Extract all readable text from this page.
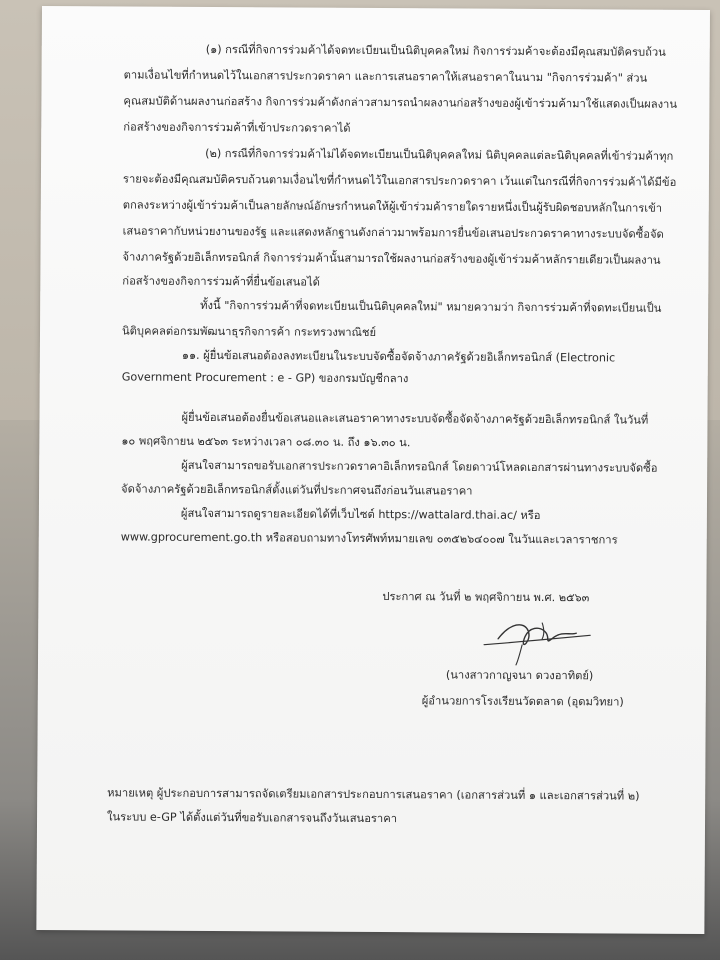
(๑) กรณีที่กิจการร่วมค้าได้จดทะเบียนเป็นนิติบุคคลใหม่ กิจการร่วมค้าจะต้องมีคุณสมบัติครบถ้วน
ตามเงื่อนไขที่กำหนดไว้ในเอกสารประกวดราคา และการเสนอราคาให้เสนอราคาในนาม "กิจการร่วมค้า" ส่วน
คุณสมบัติด้านผลงานก่อสร้าง กิจการร่วมค้าดังกล่าวสามารถนำผลงานก่อสร้างของผู้เข้าร่วมค้ามาใช้แสดงเป็นผลงาน
ก่อสร้างของกิจการร่วมค้าที่เข้าประกวดราคาได้
(๒) กรณีที่กิจการร่วมค้าไม่ได้จดทะเบียนเป็นนิติบุคคลใหม่ นิติบุคคลแต่ละนิติบุคคลที่เข้าร่วมค้าทุก
รายจะต้องมีคุณสมบัติครบถ้วนตามเงื่อนไขที่กำหนดไว้ในเอกสารประกวดราคา เว้นแต่ในกรณีที่กิจการร่วมค้าได้มีข้อ
ตกลงระหว่างผู้เข้าร่วมค้าเป็นลายลักษณ์อักษรกำหนดให้ผู้เข้าร่วมค้ารายใดรายหนึ่งเป็นผู้รับผิดชอบหลักในการเข้า
เสนอราคากับหน่วยงานของรัฐ และแสดงหลักฐานดังกล่าวมาพร้อมการยื่นข้อเสนอประกวดราคาทางระบบจัดซื้อจัด
จ้างภาครัฐด้วยอิเล็กทรอนิกส์ กิจการร่วมค้านั้นสามารถใช้ผลงานก่อสร้างของผู้เข้าร่วมค้าหลักรายเดียวเป็นผลงาน
ก่อสร้างของกิจการร่วมค้าที่ยื่นข้อเสนอได้
ทั้งนี้ "กิจการร่วมค้าที่จดทะเบียนเป็นนิติบุคคลใหม่" หมายความว่า กิจการร่วมค้าที่จดทะเบียนเป็น
นิติบุคคลต่อกรมพัฒนาธุรกิจการค้า กระทรวงพาณิชย์
๑๑. ผู้ยื่นข้อเสนอต้องลงทะเบียนในระบบจัดซื้อจัดจ้างภาครัฐด้วยอิเล็กทรอนิกส์ (Electronic
Government Procurement : e - GP) ของกรมบัญชีกลาง
ผู้ยื่นข้อเสนอต้องยื่นข้อเสนอและเสนอราคาทางระบบจัดซื้อจัดจ้างภาครัฐด้วยอิเล็กทรอนิกส์ ในวันที่
๑๐ พฤศจิกายน ๒๕๖๓ ระหว่างเวลา ๐๘.๓๐ น. ถึง ๑๖.๓๐ น.
ผู้สนใจสามารถขอรับเอกสารประกวดราคาอิเล็กทรอนิกส์ โดยดาวน์โหลดเอกสารผ่านทางระบบจัดซื้อ
จัดจ้างภาครัฐด้วยอิเล็กทรอนิกส์ตั้งแต่วันที่ประกาศจนถึงก่อนวันเสนอราคา
ผู้สนใจสามารถดูรายละเอียดได้ที่เว็บไซต์ https://wattalard.thai.ac/ หรือ
www.gprocurement.go.th หรือสอบถามทางโทรศัพท์หมายเลข ๐๓๕๒๖๔๐๐๗ ในวันและเวลาราชการ
ประกาศ ณ วันที่ ๒ พฤศจิกายน พ.ศ. ๒๕๖๓
(นางสาวกาญจนา ดวงอาทิตย์)
ผู้อำนวยการโรงเรียนวัดตลาด (อุดมวิทยา)
หมายเหตุ ผู้ประกอบการสามารถจัดเตรียมเอกสารประกอบการเสนอราคา (เอกสารส่วนที่ ๑ และเอกสารส่วนที่ ๒)
ในระบบ e-GP ได้ตั้งแต่วันที่ขอรับเอกสารจนถึงวันเสนอราคา
